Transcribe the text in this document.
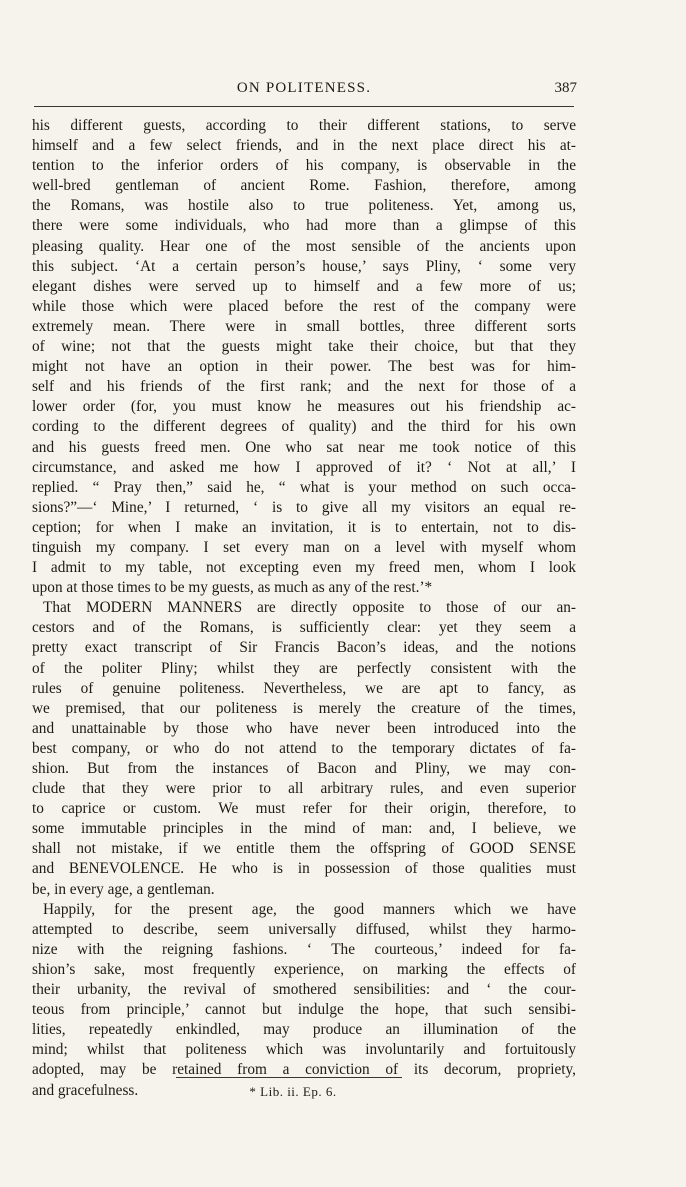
ON POLITENESS.	387
his different guests, according to their different stations, to serve
himself and a few select friends, and in the next place direct his at-
tention to the inferior orders of his company, is observable in the
well-bred gentleman of ancient Rome. Fashion, therefore, among
the Romans, was hostile also to true politeness. Yet, among us,
there were some individuals, who had more than a glimpse of this
pleasing quality. Hear one of the most sensible of the ancients upon
this subject. ‘At a certain person’s house,’ says Pliny, ‘ some very
elegant dishes were served up to himself and a few more of us;
while those which were placed before the rest of the company were
extremely mean. There were in small bottles, three different sorts
of wine; not that the guests might take their choice, but that they
might not have an option in their power. The best was for him-
self and his friends of the first rank; and the next for those of a
lower order (for, you must know he measures out his friendship ac-
cording to the different degrees of quality) and the third for his own
and his guests freed men. One who sat near me took notice of this
circumstance, and asked me how I approved of it? ‘ Not at all,’ I
replied. “ Pray then,” said he, “ what is your method on such occa-
sions?”—‘ Mine,’ I returned, ‘ is to give all my visitors an equal re-
ception; for when I make an invitation, it is to entertain, not to dis-
tinguish my company. I set every man on a level with myself whom
I admit to my table, not excepting even my freed men, whom I look
upon at those times to be my guests, as much as any of the rest.’*
That MODERN MANNERS are directly opposite to those of our an-
cestors and of the Romans, is sufficiently clear: yet they seem a
pretty exact transcript of Sir Francis Bacon’s ideas, and the notions
of the politer Pliny; whilst they are perfectly consistent with the
rules of genuine politeness. Nevertheless, we are apt to fancy, as
we premised, that our politeness is merely the creature of the times,
and unattainable by those who have never been introduced into the
best company, or who do not attend to the temporary dictates of fa-
shion. But from the instances of Bacon and Pliny, we may con-
clude that they were prior to all arbitrary rules, and even superior
to caprice or custom. We must refer for their origin, therefore, to
some immutable principles in the mind of man: and, I believe, we
shall not mistake, if we entitle them the offspring of GOOD SENSE
and BENEVOLENCE. He who is in possession of those qualities must
be, in every age, a gentleman.
Happily, for the present age, the good manners which we have
attempted to describe, seem universally diffused, whilst they harmo-
nize with the reigning fashions. ‘ The courteous,’ indeed for fa-
shion’s sake, most frequently experience, on marking the effects of
their urbanity, the revival of smothered sensibilities: and ‘ the cour-
teous from principle,’ cannot but indulge the hope, that such sensibi-
lities, repeatedly enkindled, may produce an illumination of the
mind; whilst that politeness which was involuntarily and fortuitously
adopted, may be retained from a conviction of its decorum, propriety,
and gracefulness.	* Lib. ii. Ep. 6.
